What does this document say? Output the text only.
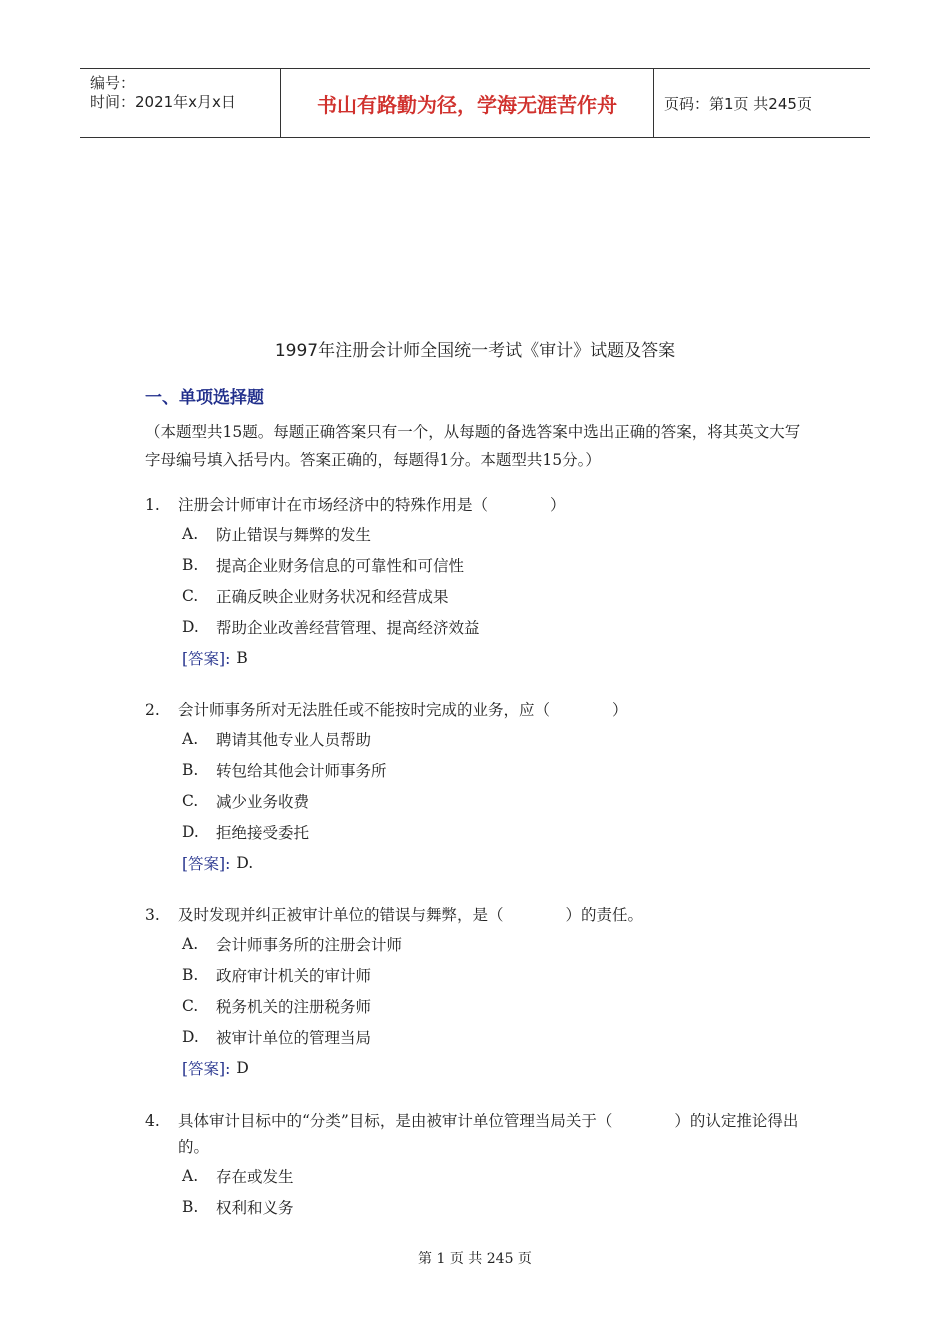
编号：
时间：2021年x月x日	书山有路勤为径，学海无涯苦作舟	页码：第1页 共245页
1997年注册会计师全国统一考试《审计》试题及答案
一、单项选择题
（本题型共15题。每题正确答案只有一个，从每题的备选答案中选出正确的答案，将其英文大写字母编号填入括号内。答案正确的，每题得1分。本题型共15分。）
1.	注册会计师审计在市场经济中的特殊作用是（　　　　）
A.	防止错误与舞弊的发生
B.	提高企业财务信息的可靠性和可信性
C.	正确反映企业财务状况和经营成果
D.	帮助企业改善经营管理、提高经济效益
[答案]: B
2.	会计师事务所对无法胜任或不能按时完成的业务，应（　　　　）
A.	聘请其他专业人员帮助
B.	转包给其他会计师事务所
C.	减少业务收费
D.	拒绝接受委托
[答案]: D.
3.	及时发现并纠正被审计单位的错误与舞弊，是（　　　　）的责任。
A.	会计师事务所的注册会计师
B.	政府审计机关的审计师
C.	税务机关的注册税务师
D.	被审计单位的管理当局
[答案]: D
4.	具体审计目标中的“分类”目标，是由被审计单位管理当局关于（　　　　）的认定推论得出的。
A.	存在或发生
B.	权利和义务
第 1 页 共 245 页
